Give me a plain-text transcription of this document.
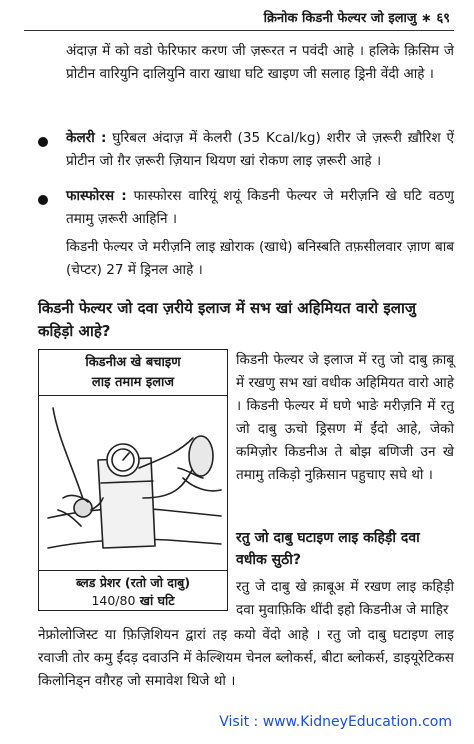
क्रिनोक किडनी फेल्यर जो इलाजु ∗ ६९

अंदाज़ में को वडो फेरिफार करण जी ज़रूरत न पवंदी आहे । हलिके क़िसिम जे प्रोटीन वारियुनि दालियुनि वारा खाधा घटि खाइण जी सलाह ड्रिनी वेंदी आहे ।

केलरी : घुरिबल अंदाज़ में केलरी (35 Kcal/kg) शरीर जे ज़रूरी ख़ौरिश ऐं प्रोटीन जो ग़ैर ज़रूरी ज़ियान थियण खां रोकण लाइ ज़रूरी आहे ।

फास्फोरस : फास्फोरस वारियूं शयूं किडनी फेल्यर जे मरीज़नि खे घटि वठणु तमामु ज़रूरी आहिनि ।

किडनी फेल्यर जे मरीज़नि लाइ ख़ोराक (खाधे) बनिस्बति तफ़सीलवार ज़ाण बाब (चेप्टर) 27 में ड्रिनल आहे ।

किडनी फेल्यर जो दवा ज़रीये इलाज में सभ खां अहिमियत वारो इलाजु कहिड़ो आहे?
किडनीअ खे बचाइण
लाइ तमाम इलाज
ब्लड प्रेशर (रतो जो दाबु)
140/80 खां घटि

किडनी फेल्यर जे इलाज में रतु जो दाबु क़ाबू में रखणु सभ खां वधीक अहिमियत वारो आहे । किडनी फेल्यर में घणे भाङे मरीज़नि में रतु जो दाबु ऊचो ड्रिसण में ईंदो आहे, जेको कमिज़ोर किडनीअ ते बोझ बणिजी उन खे तमामु तकिड़ो नुक़िसान पहुचाए सघे थो ।

रतु जो दाबु घटाइण लाइ कहिड़ी दवा वधीक सुठी?

रतु जे दाबु खे क़ाबूअ में रखण लाइ कहिड़ी दवा मुवाफ़िकि थींदी इहो किडनीअ जे माहिर

नेफ्रोलोजिस्ट या फ़िज़िशियन द्वारां तइ कयो वेंदो आहे । रतु जो दाबु घटाइण लाइ रवाजी तोर कमु ईंदड़ दवाउनि में केल्शियम चेनल ब्लोकर्स, बीटा ब्लोकर्स, डाइयूरेटिकस किलोनिड्न वग़ैरह जो समावेश थिजे थो ।

Visit : www.KidneyEducation.com
